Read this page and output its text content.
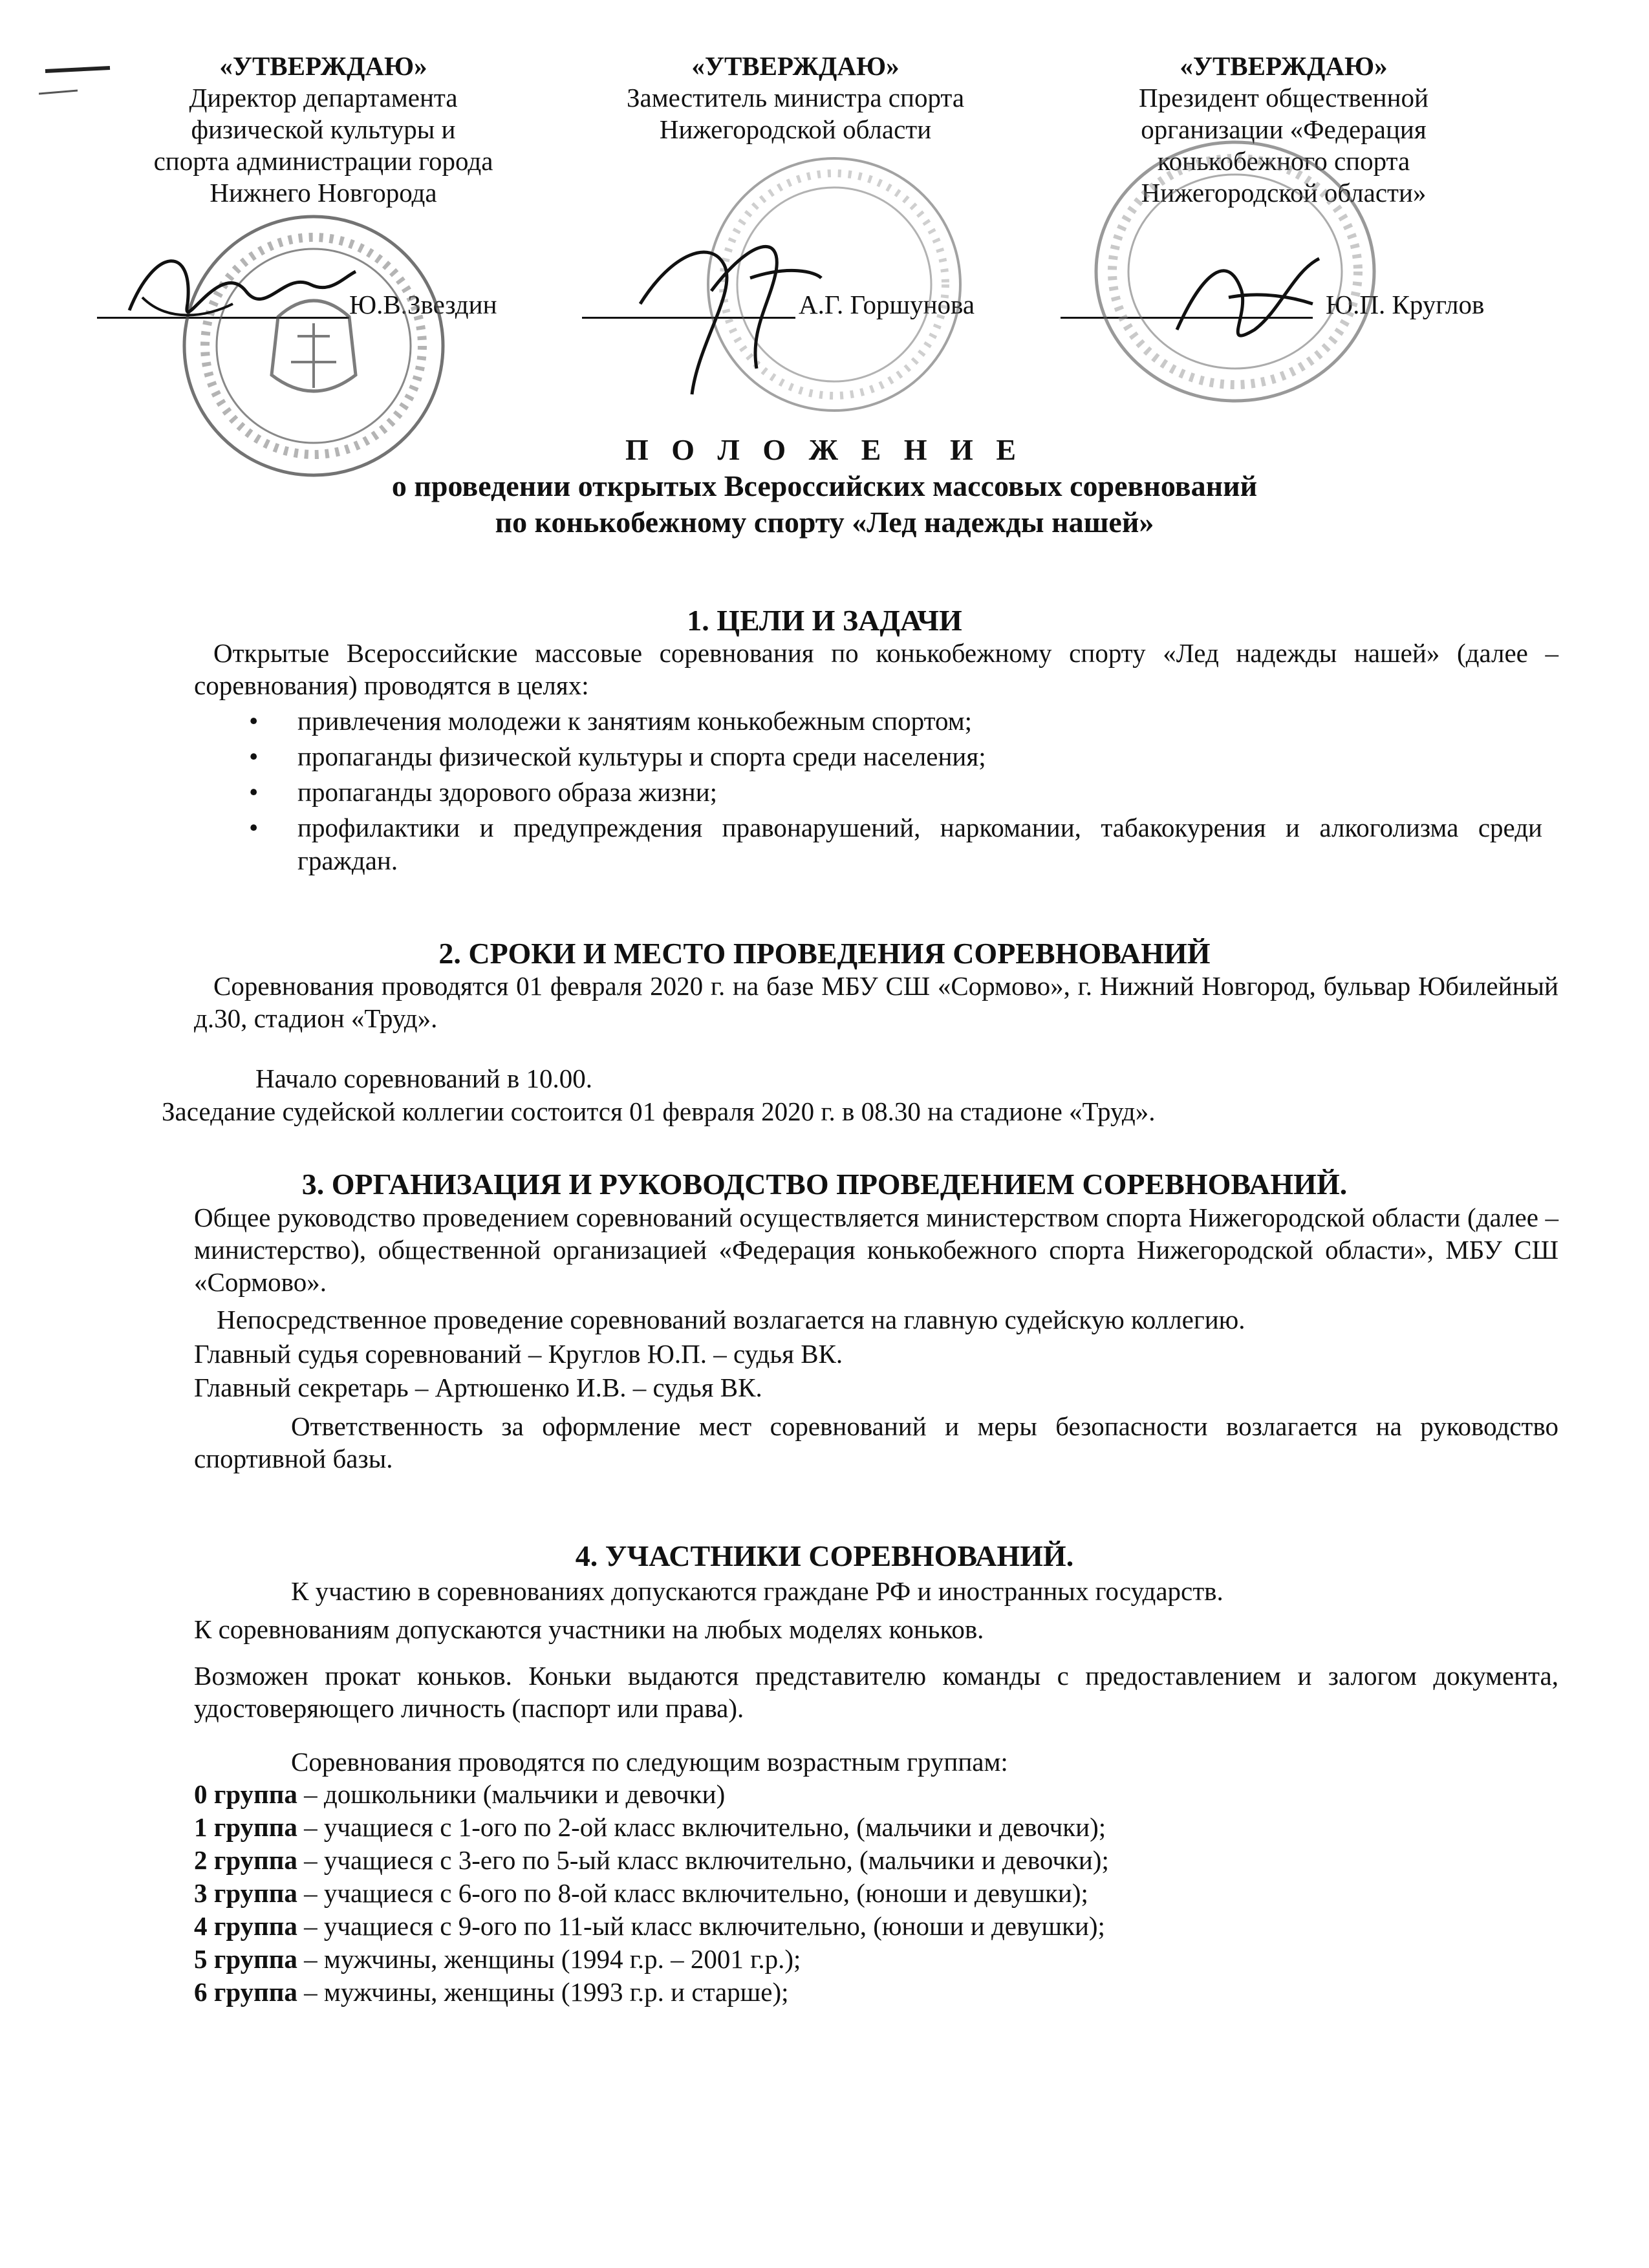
«УТВЕРЖДАЮ»
Директор департамента
физической культуры и
спорта администрации города
Нижнего Новгорода
Ю.В.Звездин
«УТВЕРЖДАЮ»
Заместитель министра спорта
Нижегородской области
А.Г. Горшунова
«УТВЕРЖДАЮ»
Президент общественной
организации «Федерация
конькобежного спорта
Нижегородской области»
Ю.П. Круглов
П О Л О Ж Е Н И Е
о проведении открытых Всероссийских массовых соревнований
по конькобежному спорту «Лед надежды нашей»
1. ЦЕЛИ И ЗАДАЧИ
Открытые Всероссийские массовые соревнования по конькобежному спорту «Лед надежды нашей» (далее – соревнования) проводятся в целях:
• привлечения молодежи к занятиям конькобежным спортом;
• пропаганды физической культуры и спорта среди населения;
• пропаганды здорового образа жизни;
• профилактики и предупреждения правонарушений, наркомании, табакокурения и алкоголизма среди граждан.
2. СРОКИ И МЕСТО ПРОВЕДЕНИЯ СОРЕВНОВАНИЙ
Соревнования проводятся 01 февраля 2020 г. на базе МБУ СШ «Сормово», г. Нижний Новгород, бульвар Юбилейный д.30, стадион «Труд».
Начало соревнований в 10.00.
Заседание судейской коллегии состоится 01 февраля 2020 г. в 08.30 на стадионе «Труд».
3. ОРГАНИЗАЦИЯ И РУКОВОДСТВО ПРОВЕДЕНИЕМ СОРЕВНОВАНИЙ.
Общее руководство проведением соревнований осуществляется министерством спорта Нижегородской области (далее – министерство), общественной организацией «Федерация конькобежного спорта Нижегородской области», МБУ СШ «Сормово».
Непосредственное проведение соревнований возлагается на главную судейскую коллегию.
Главный судья соревнований – Круглов Ю.П. – судья ВК.
Главный секретарь – Артюшенко И.В. – судья ВК.
Ответственность за оформление мест соревнований и меры безопасности возлагается на руководство спортивной базы.
4. УЧАСТНИКИ СОРЕВНОВАНИЙ.
К участию в соревнованиях допускаются граждане РФ и иностранных государств.
К соревнованиям допускаются участники на любых моделях коньков.
Возможен прокат коньков. Коньки выдаются представителю команды с предоставлением и залогом документа, удостоверяющего личность (паспорт или права).
Соревнования проводятся по следующим возрастным группам:
0 группа – дошкольники (мальчики и девочки)
1 группа – учащиеся с 1-ого по 2-ой класс включительно, (мальчики и девочки);
2 группа – учащиеся с 3-его по 5-ый класс включительно, (мальчики и девочки);
3 группа – учащиеся с 6-ого по 8-ой класс включительно, (юноши и девушки);
4 группа – учащиеся с 9-ого по 11-ый класс включительно, (юноши и девушки);
5 группа – мужчины, женщины (1994 г.р. – 2001 г.р.);
6 группа – мужчины, женщины (1993 г.р. и старше);
